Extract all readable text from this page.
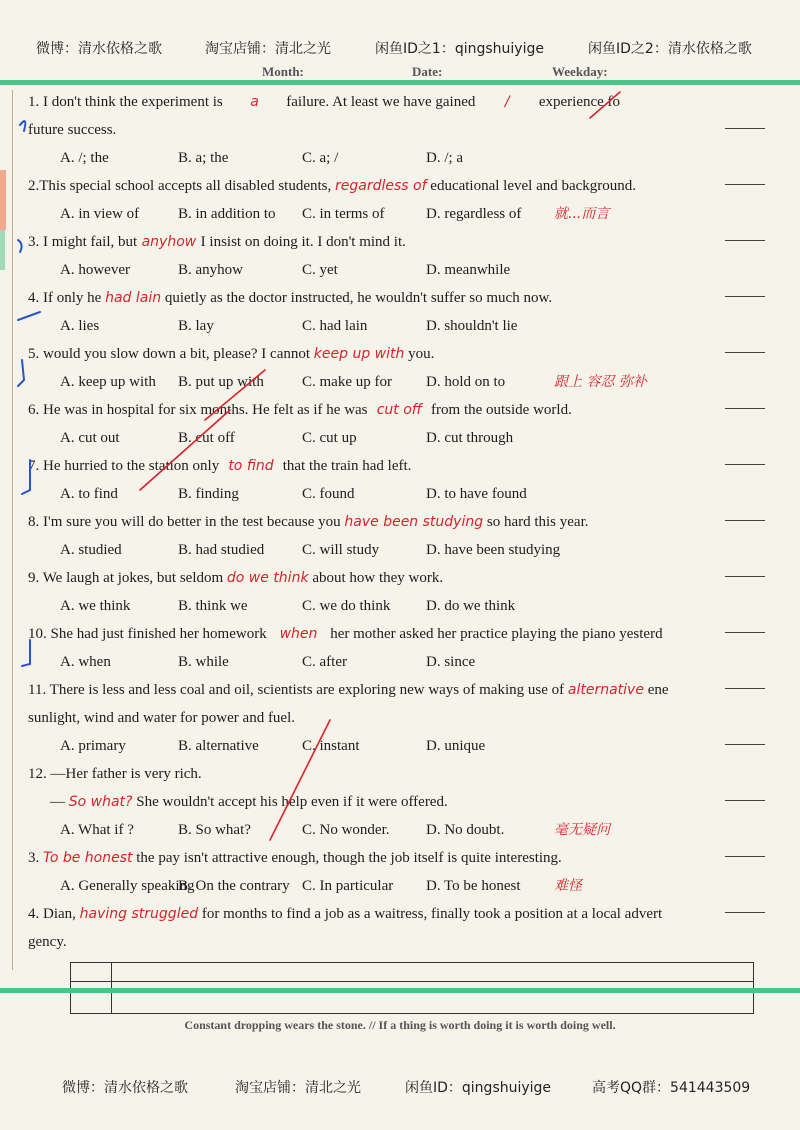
微博：清水依格之歌	淘宝店铺：清北之光	闲鱼ID之1：qingshuiyige	闲鱼ID之2：清水依格之歌
Month:	Date:	Weekday:
1. I don't think the experiment is a failure. At least we have gained / experience fo
future success.
A. /; the	B. a; the	C. a; /	D. /; a
2.This special school accepts all disabled students, regardless of educational level and background.
A. in view of	B. in addition to C. in terms of	D. regardless of 就...而言
3. I might fail, but anyhow I insist on doing it. I don't mind it.
A. however	B. anyhow	C. yet	D. meanwhile
4. If only he had lain quietly as the doctor instructed, he wouldn't suffer so much now.
A. lies	B. lay	C. had lain	D. shouldn't lie
5. would you slow down a bit, please? I cannot keep up with you.
A. keep up with B. put up with	C. make up for D. hold on to	跟上 容忍 弥补
6. He was in hospital for six months. He felt as if he was cut off from the outside world.
A. cut out	B. cut off	C. cut up	D. cut through
7. He hurried to the station only to find that the train had left.
A. to find	B. finding	C. found	D. to have found
8. I'm sure you will do better in the test because you have been studying so hard this year.
A. studied	B. had studied	C. will study	D. have been studying
9. We laugh at jokes, but seldom do we think about how they work.
A. we think	B. think we	C. we do think D. do we think
10. She had just finished her homework when her mother asked her practice playing the piano yesterd
A. when	B. while	C. after	D. since
11. There is less and less coal and oil, scientists are exploring new ways of making use of alternative ene
sunlight, wind and water for power and fuel.
A. primary	B. alternative	C. instant	D. unique
12. —Her father is very rich.
— So what? She wouldn't accept his help even if it were offered.
A. What if ?	B. So what?	C. No wonder. D. No doubt.	毫无疑问
3. To be honest the pay isn't attractive enough, though the job itself is quite interesting.
A. Generally speakingB. On the contrary C. In particular D. To be honest 难怪
4. Dian, having struggled for months to find a job as a waitress, finally took a position at a local advert
gency.
Constant dropping wears the stone. // If a thing is worth doing it is worth doing well.
微博：清水依格之歌	淘宝店铺：清北之光	闲鱼ID：qingshuiyige	高考QQ群：541443509
